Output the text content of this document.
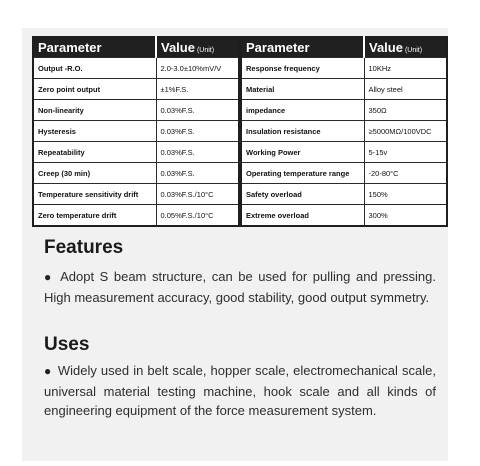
Parameter	Value (Unit)
Output -R.O.	2.0-3.0±10%mV/V
Zero point output	±1%F.S.
Non-linearity	0.03%F.S.
Hysteresis	0.03%F.S.
Repeatability	0.03%F.S.
Creep (30 min)	0.03%F.S.
Temperature sensitivity drift	0.03%F.S./10°C
Zero temperature drift	0.05%F.S./10°C
Parameter	Value (Unit)
Response frequency	10KHz
Material	Alloy steel
impedance	350Ω
Insulation resistance	≥5000MΩ/100VDC
Working Power	5-15v
Operating temperature range	-20-80°C
Safety overload	150%
Extreme overload	300%
Features

● Adopt S beam structure, can be used for pulling and pressing. High measurement accuracy, good stability, good output symmetry.

Uses

● Widely used in belt scale, hopper scale, electromechanical scale, universal material testing machine, hook scale and all kinds of engineering equipment of the force measurement system.
